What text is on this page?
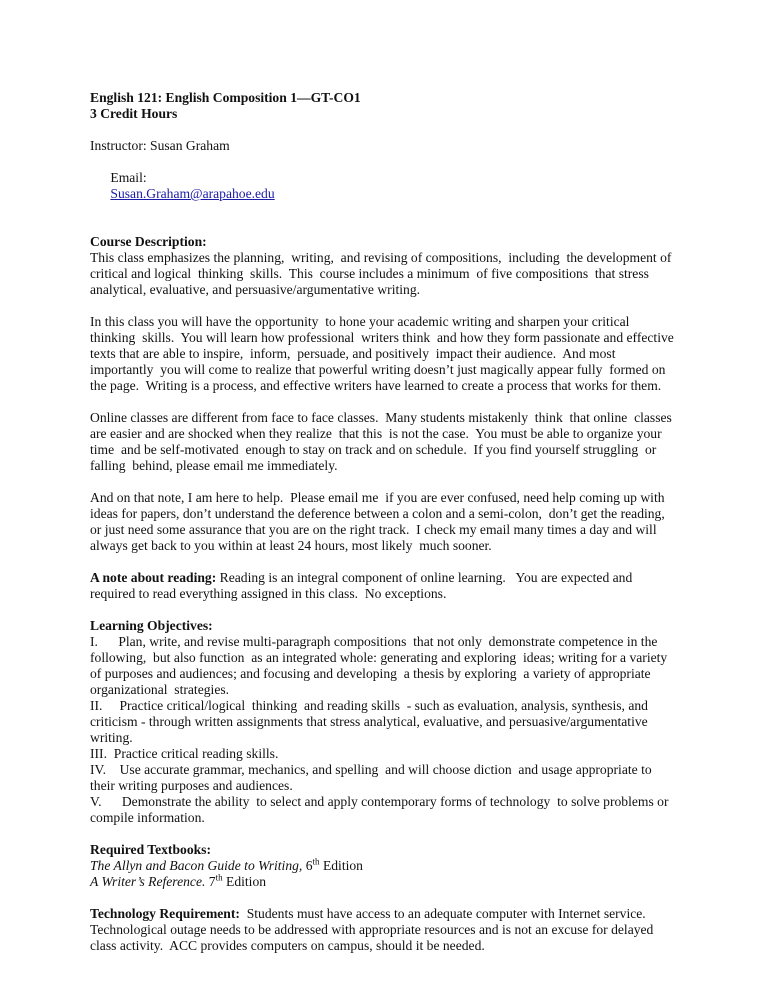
English 121: English Composition 1—GT-CO1

3 Credit Hours

Instructor: Susan Graham

Email:
Susan.Graham@arapahoe.edu

Course Description:

This class emphasizes the planning,  writing,  and revising of compositions,  including  the development of

critical and logical  thinking  skills.  This  course includes a minimum  of five compositions  that stress

analytical, evaluative, and persuasive/argumentative writing.

In this class you will have the opportunity  to hone your academic writing and sharpen your critical

thinking  skills.  You will learn how professional  writers think  and how they form passionate and effective

texts that are able to inspire,  inform,  persuade, and positively  impact their audience.  And most

importantly  you will come to realize that powerful writing doesn’t just magically appear fully  formed on

the page.  Writing is a process, and effective writers have learned to create a process that works for them.

Online classes are different from face to face classes.  Many students mistakenly  think  that online  classes

are easier and are shocked when they realize  that this  is not the case.  You must be able to organize your

time  and be self-motivated  enough to stay on track and on schedule.  If you find yourself struggling  or

falling  behind, please email me immediately.

And on that note, I am here to help.  Please email me  if you are ever confused, need help coming up with

ideas for papers, don’t understand the deference between a colon and a semi-colon,  don’t get the reading,

or just need some assurance that you are on the right track.  I check my email many times a day and will

always get back to you within at least 24 hours, most likely  much sooner.

A note about reading: Reading is an integral component of online learning.   You are expected and

required to read everything assigned in this class.  No exceptions.

Learning Objectives:

I.      Plan, write, and revise multi-paragraph compositions  that not only  demonstrate competence in the

following,  but also function  as an integrated whole: generating and exploring  ideas; writing for a variety

of purposes and audiences; and focusing and developing  a thesis by exploring  a variety of appropriate

organizational  strategies.

II.     Practice critical/logical  thinking  and reading skills  - such as evaluation, analysis, synthesis, and

criticism - through written assignments that stress analytical, evaluative, and persuasive/argumentative

writing.

III.  Practice critical reading skills.

IV.    Use accurate grammar, mechanics, and spelling  and will choose diction  and usage appropriate to

their writing purposes and audiences.

V.      Demonstrate the ability  to select and apply contemporary forms of technology  to solve problems or

compile information.

Required Textbooks:

The Allyn and Bacon Guide to Writing, 6th Edition

A Writer’s Reference. 7th Edition

Technology Requirement:  Students must have access to an adequate computer with Internet service.

Technological outage needs to be addressed with appropriate resources and is not an excuse for delayed

class activity.  ACC provides computers on campus, should it be needed.
